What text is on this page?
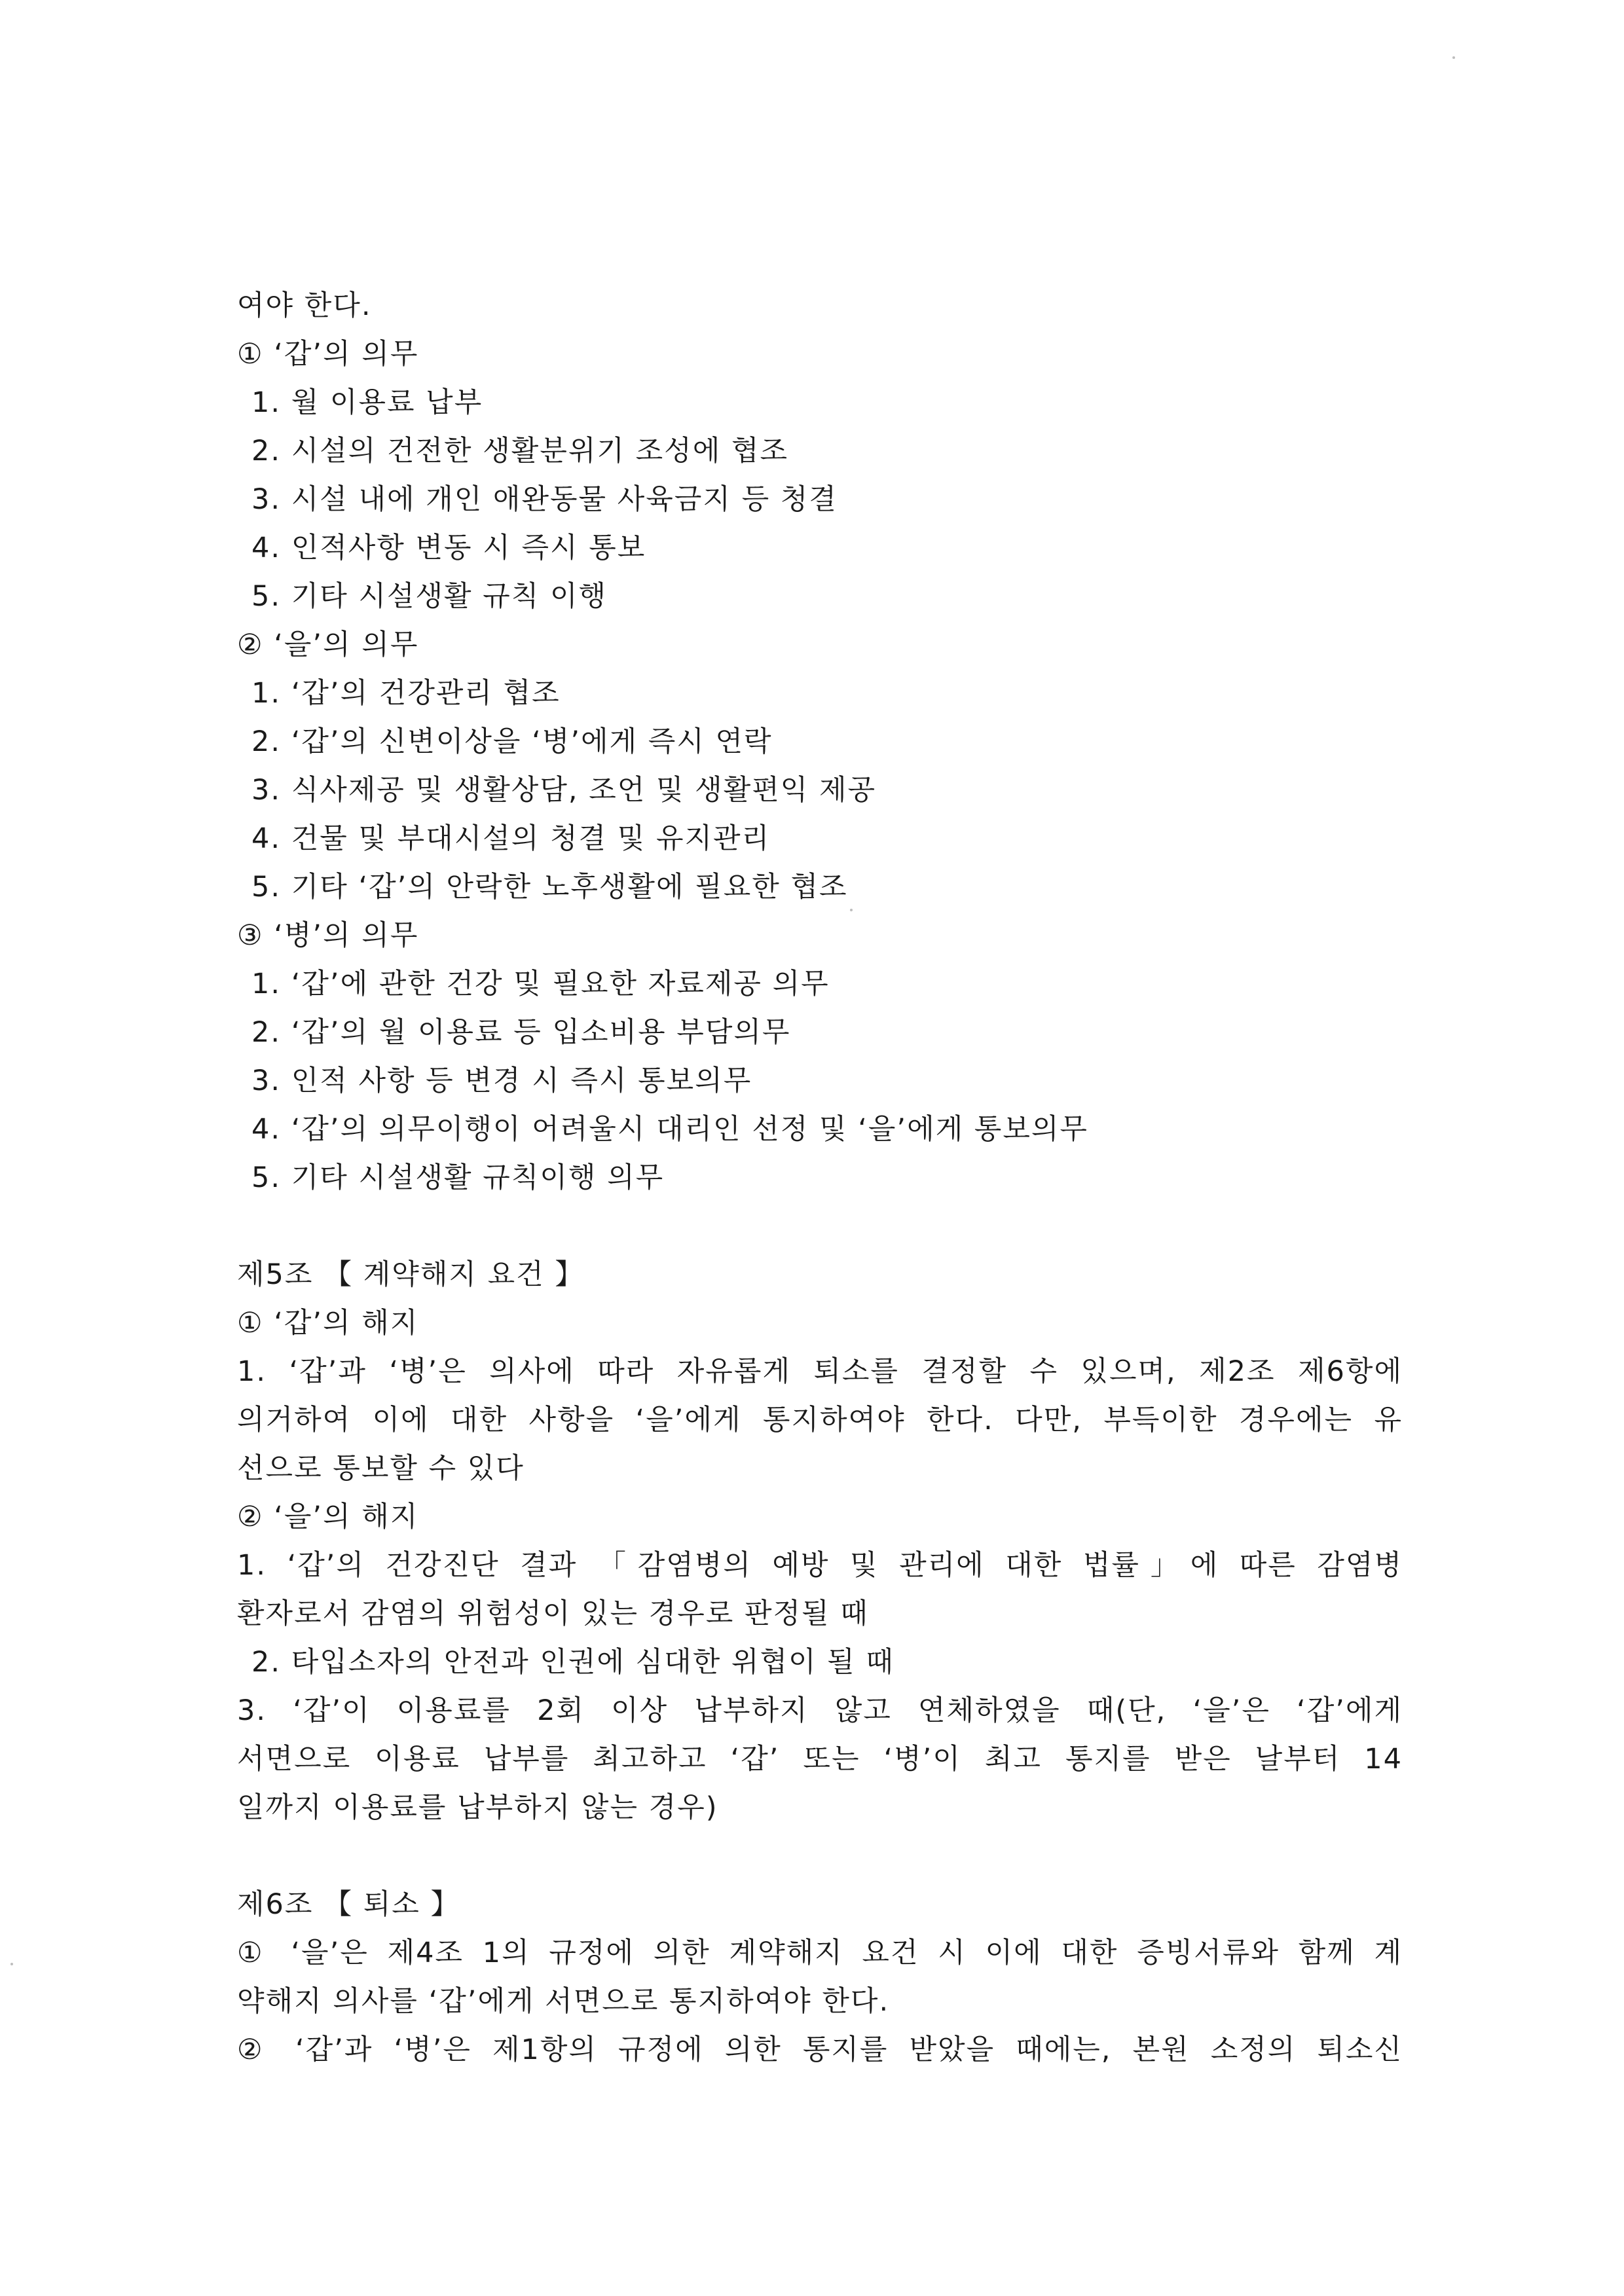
여야 한다.
① ‘갑’의 의무
1. 월 이용료 납부
2. 시설의 건전한 생활분위기 조성에 협조
3. 시설 내에 개인 애완동물 사육금지 등 청결
4. 인적사항 변동 시 즉시 통보
5. 기타 시설생활 규칙 이행
② ‘을’의 의무
1. ‘갑’의 건강관리 협조
2. ‘갑’의 신변이상을 ‘병’에게 즉시 연락
3. 식사제공 및 생활상담, 조언 및 생활편익 제공
4. 건물 및 부대시설의 청결 및 유지관리
5. 기타 ‘갑’의 안락한 노후생활에 필요한 협조
③ ‘병’의 의무
1. ‘갑’에 관한 건강 및 필요한 자료제공 의무
2. ‘갑’의 월 이용료 등 입소비용 부담의무
3. 인적 사항 등 변경 시 즉시 통보의무
4. ‘갑’의 의무이행이 어려울시 대리인 선정 및 ‘을’에게 통보의무
5. 기타 시설생활 규칙이행 의무
제5조 【 계약해지 요건 】
① ‘갑’의 해지
1. ‘갑’과 ‘병’은 의사에 따라 자유롭게 퇴소를 결정할 수 있으며, 제2조 제6항에
의거하여 이에 대한 사항을 ‘을’에게 통지하여야 한다. 다만, 부득이한 경우에는 유
선으로 통보할 수 있다
② ‘을’의 해지
1. ‘갑’의 건강진단 결과 「감염병의 예방 및 관리에 대한 법률」에 따른 감염병
환자로서 감염의 위험성이 있는 경우로 판정될 때
2. 타입소자의 안전과 인권에 심대한 위협이 될 때
3. ‘갑’이 이용료를 2회 이상 납부하지 않고 연체하였을 때(단, ‘을’은 ‘갑’에게
서면으로 이용료 납부를 최고하고 ‘갑’ 또는 ‘병’이 최고 통지를 받은 날부터 14
일까지 이용료를 납부하지 않는 경우)
제6조 【 퇴소 】
① ‘을’은 제4조 1의 규정에 의한 계약해지 요건 시 이에 대한 증빙서류와 함께 계
약해지 의사를 ‘갑’에게 서면으로 통지하여야 한다.
② ‘갑’과 ‘병’은 제1항의 규정에 의한 통지를 받았을 때에는, 본원 소정의 퇴소신
